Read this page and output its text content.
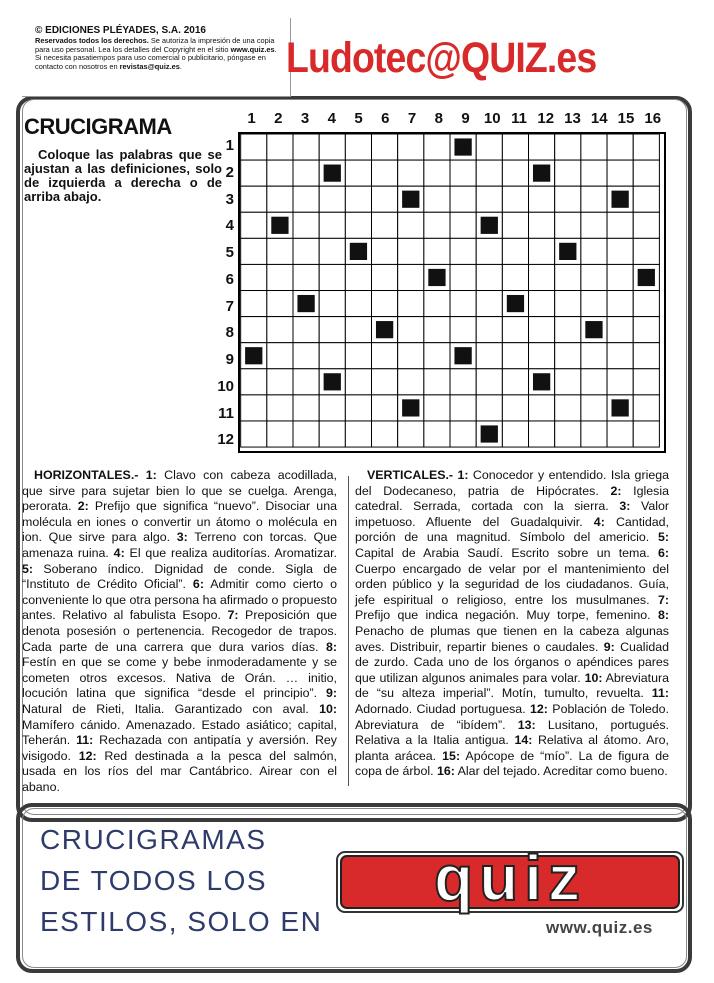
© EDICIONES PLÉYADES, S.A. 2016
Reservados todos los derechos. Se autoriza la impresión de una copia para uso personal. Lea los detalles del Copyright en el sitio www.quiz.es. Si necesita pasatiempos para uso comercial o publicitario, póngase en contacto con nosotros en revistas@quiz.es.	Ludotec@QUIZ.es
CRUCIGRAMA
Coloque las palabras que se ajustan a las definiciones, solo de izquierda a derecha o de arriba abajo.
1	2	3	4	5	6	7	8	9 10 11 12 13 14 15 16
1
2
3
4
5
6
7
8
9
10
11
12
HORIZONTALES.- 1: Clavo con cabeza acodillada, que sirve para sujetar bien lo que se cuelga. Arenga, perorata. 2: Prefijo que significa “nuevo”. Disociar una molécula en iones o convertir un átomo o molécula en ion. Que sirve para algo. 3: Terreno con torcas. Que amenaza ruina. 4: El que realiza auditorías. Aromatizar. 5: Soberano índico. Dignidad de conde. Sigla de “Instituto de Crédito Oficial”. 6: Admitir como cierto o conveniente lo que otra persona ha afirmado o propuesto antes. Relativo al fabulista Esopo. 7: Preposición que denota posesión o pertenencia. Recogedor de trapos. Cada parte de una carrera que dura varios días. 8: Festín en que se come y bebe inmoderadamente y se cometen otros excesos. Nativa de Orán. … initio, locución latina que significa “desde el principio”. 9: Natural de Rieti, Italia. Garantizado con aval. 10: Mamífero cánido. Amenazado. Estado asiático; capital, Teherán. 11: Rechazada con antipatía y aversión. Rey visigodo. 12: Red destinada a la pesca del salmón, usada en los ríos del mar Cantábrico. Airear con el abano.
VERTICALES.- 1: Conocedor y entendido. Isla griega del Dodecaneso, patria de Hipócrates. 2: Iglesia catedral. Serrada, cortada con la sierra. 3: Valor impetuoso. Afluente del Guadalquivir. 4: Cantidad, porción de una magnitud. Símbolo del americio. 5: Capital de Arabia Saudí. Escrito sobre un tema. 6: Cuerpo encargado de velar por el mantenimiento del orden público y la seguridad de los ciudadanos. Guía, jefe espiritual o religioso, entre los musulmanes. 7: Prefijo que indica negación. Muy torpe, femenino. 8: Penacho de plumas que tienen en la cabeza algunas aves. Distribuir, repartir bienes o caudales. 9: Cualidad de zurdo. Cada uno de los órganos o apéndices pares que utilizan algunos animales para volar. 10: Abreviatura de “su alteza imperial”. Motín, tumulto, revuelta. 11: Adornado. Ciudad portuguesa. 12: Población de Toledo. Abreviatura de “ibídem”. 13: Lusitano, portugués. Relativa a la Italia antigua. 14: Relativa al átomo. Aro, planta arácea. 15: Apócope de “mío”. La de figura de copa de árbol. 16: Alar del tejado. Acreditar como bueno.
CRUCIGRAMAS
DE TODOS LOS
ESTILOS, SOLO EN
quiz
www.quiz.es
